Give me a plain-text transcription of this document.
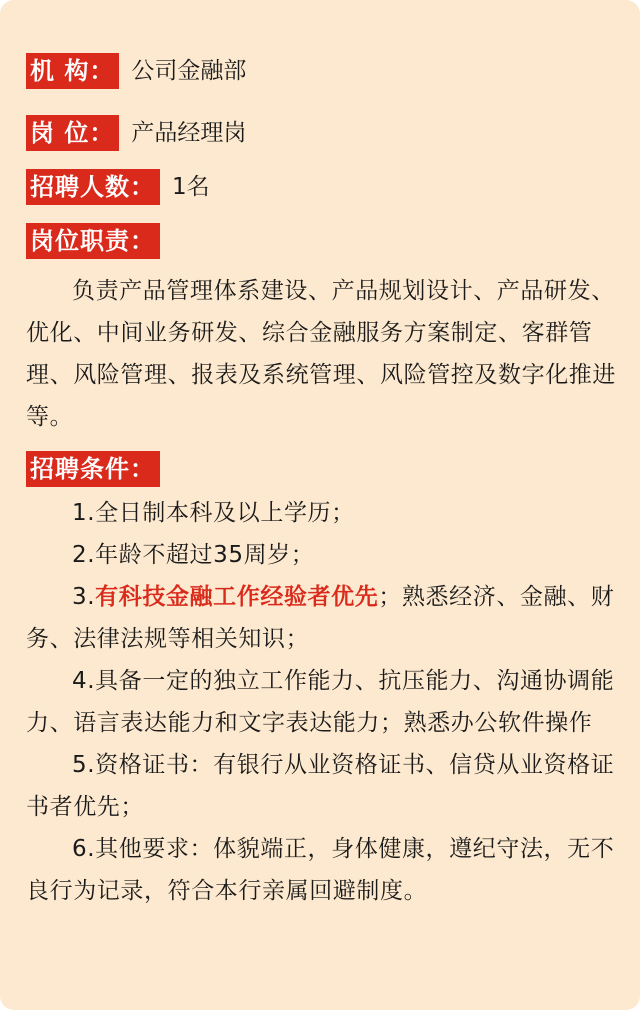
机 构： 公司金融部
岗 位： 产品经理岗
招聘人数： 1名
岗位职责：

负责产品管理体系建设、产品规划设计、产品研发、优化、中间业务研发、综合金融服务方案制定、客群管理、风险管理、报表及系统管理、风险管控及数字化推进等。

招聘条件：

1.全日制本科及以上学历；

2.年龄不超过35周岁；

3.有科技金融工作经验者优先；熟悉经济、金融、财务、法律法规等相关知识；

4.具备一定的独立工作能力、抗压能力、沟通协调能力、语言表达能力和文字表达能力；熟悉办公软件操作

5.资格证书：有银行从业资格证书、信贷从业资格证书者优先；

6.其他要求：体貌端正，身体健康，遵纪守法，无不良行为记录，符合本行亲属回避制度。
